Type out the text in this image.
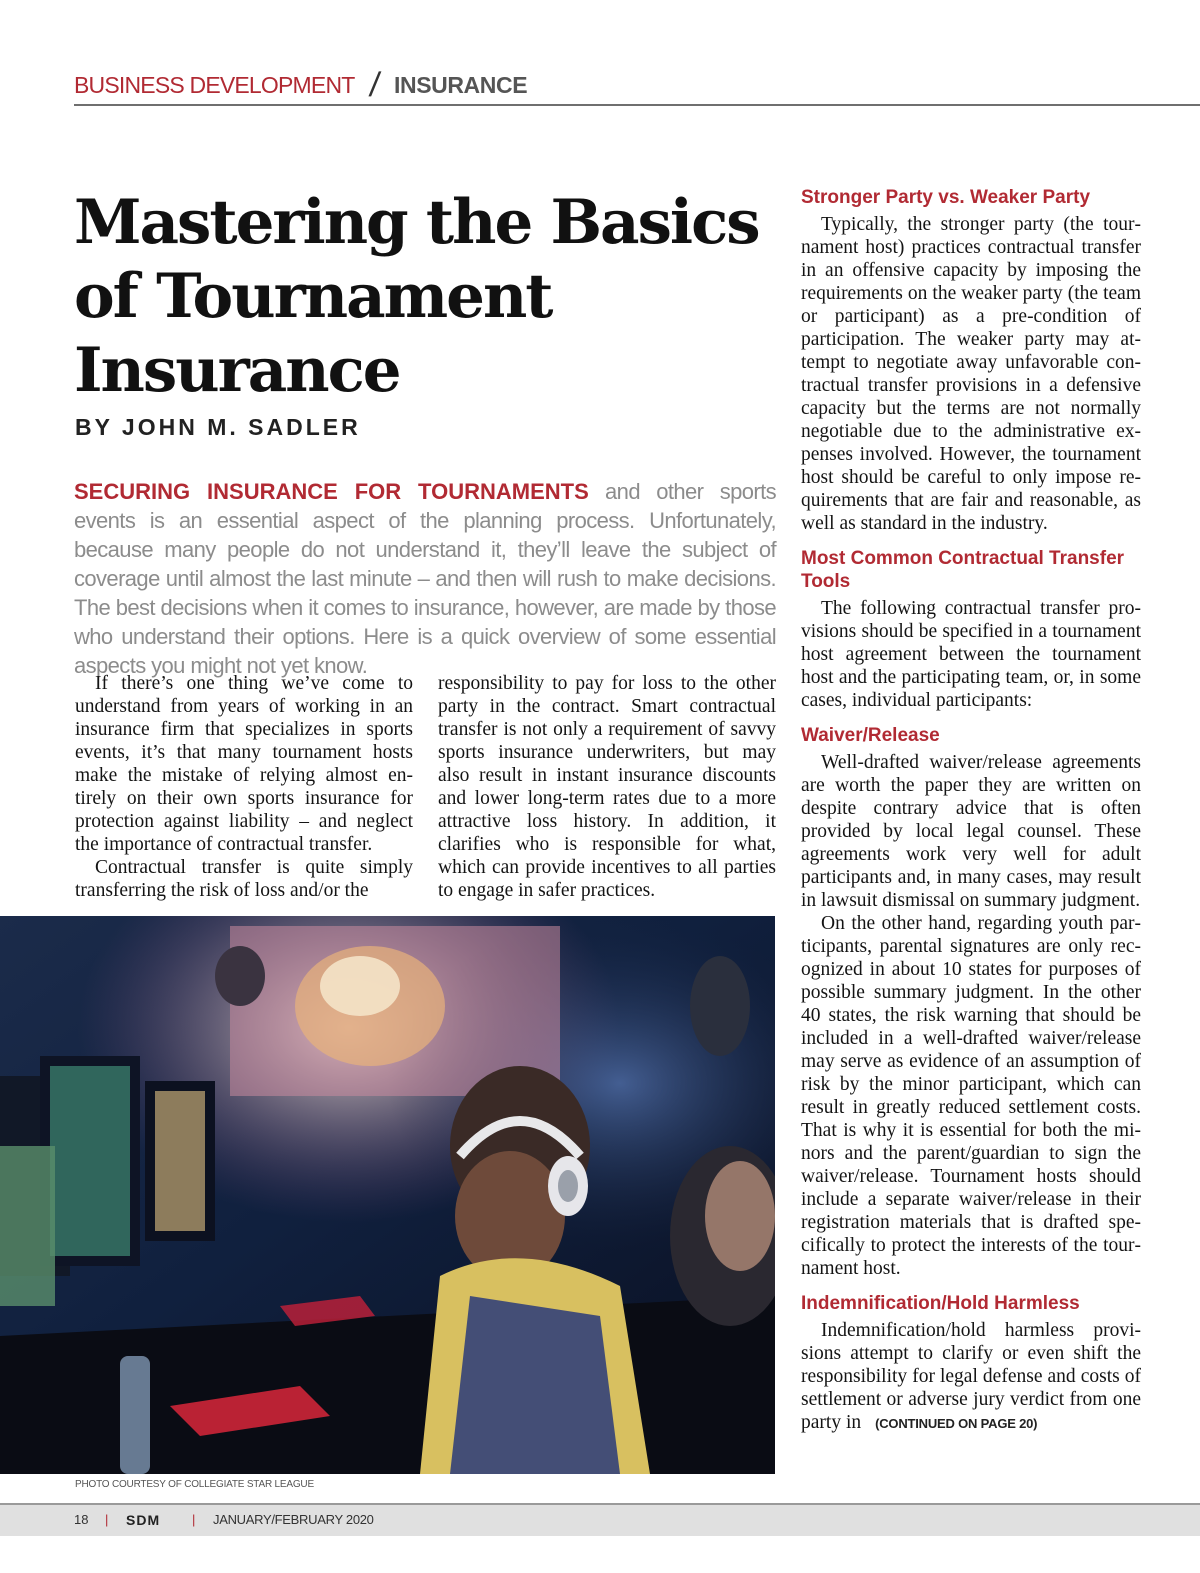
BUSINESS DEVELOPMENT / INSURANCE
Mastering the Basics
of Tournament
Insurance
BY JOHN M. SADLER

SECURING INSURANCE FOR TOURNAMENTS and other sports events is an essential aspect of the planning process. Unfortunately, because many people do not understand it, they’ll leave the subject of coverage until almost the last minute – and then will rush to make decisions. The best decisions when it comes to insurance, however, are made by those who understand their options. Here is a quick overview of some essential aspects you might not yet know.

If there’s one thing we’ve come to understand from years of working in an insurance firm that specializes in sports events, it’s that many tournament hosts make the mistake of relying almost entirely on their own sports insurance for protection against liability – and neglect the importance of contractual transfer.

Contractual transfer is quite simply transferring the risk of loss and/or the

responsibility to pay for loss to the other party in the contract. Smart contractual transfer is not only a requirement of savvy sports insurance underwriters, but may also result in instant insurance discounts and lower long-term rates due to a more attractive loss history. In addition, it clarifies who is responsible for what, which can provide incentives to all parties to engage in safer practices.

Stronger Party vs. Weaker Party

Typically, the stronger party (the tournament host) practices contractual transfer in an offensive capacity by imposing the requirements on the weaker party (the team or participant) as a pre-condition of participation. The weaker party may attempt to negotiate away unfavorable contractual transfer provisions in a defensive capacity but the terms are not normally negotiable due to the administrative expenses involved. However, the tournament host should be careful to only impose requirements that are fair and reasonable, as well as standard in the industry.

Most Common Contractual Transfer Tools

The following contractual transfer provisions should be specified in a tournament host agreement between the tournament host and the participating team, or, in some cases, individual participants:

Waiver/Release

Well-drafted waiver/release agreements are worth the paper they are written on despite contrary advice that is often provided by local legal counsel. These agreements work very well for adult participants and, in many cases, may result in lawsuit dismissal on summary judgment.

On the other hand, regarding youth participants, parental signatures are only recognized in about 10 states for purposes of possible summary judgment. In the other 40 states, the risk warning that should be included in a well-drafted waiver/release may serve as evidence of an assumption of risk by the minor participant, which can result in greatly reduced settlement costs. That is why it is essential for both the minors and the parent/guardian to sign the waiver/release. Tournament hosts should include a separate waiver/release in their registration materials that is drafted specifically to protect the interests of the tournament host.

Indemnification/Hold Harmless

Indemnification/hold harmless provisions attempt to clarify or even shift the responsibility for legal defense and costs of settlement or adverse jury verdict from one party in (CONTINUED ON PAGE 20)

PHOTO COURTESY OF COLLEGIATE STAR LEAGUE
18 | SDM | JANUARY/FEBRUARY 2020
